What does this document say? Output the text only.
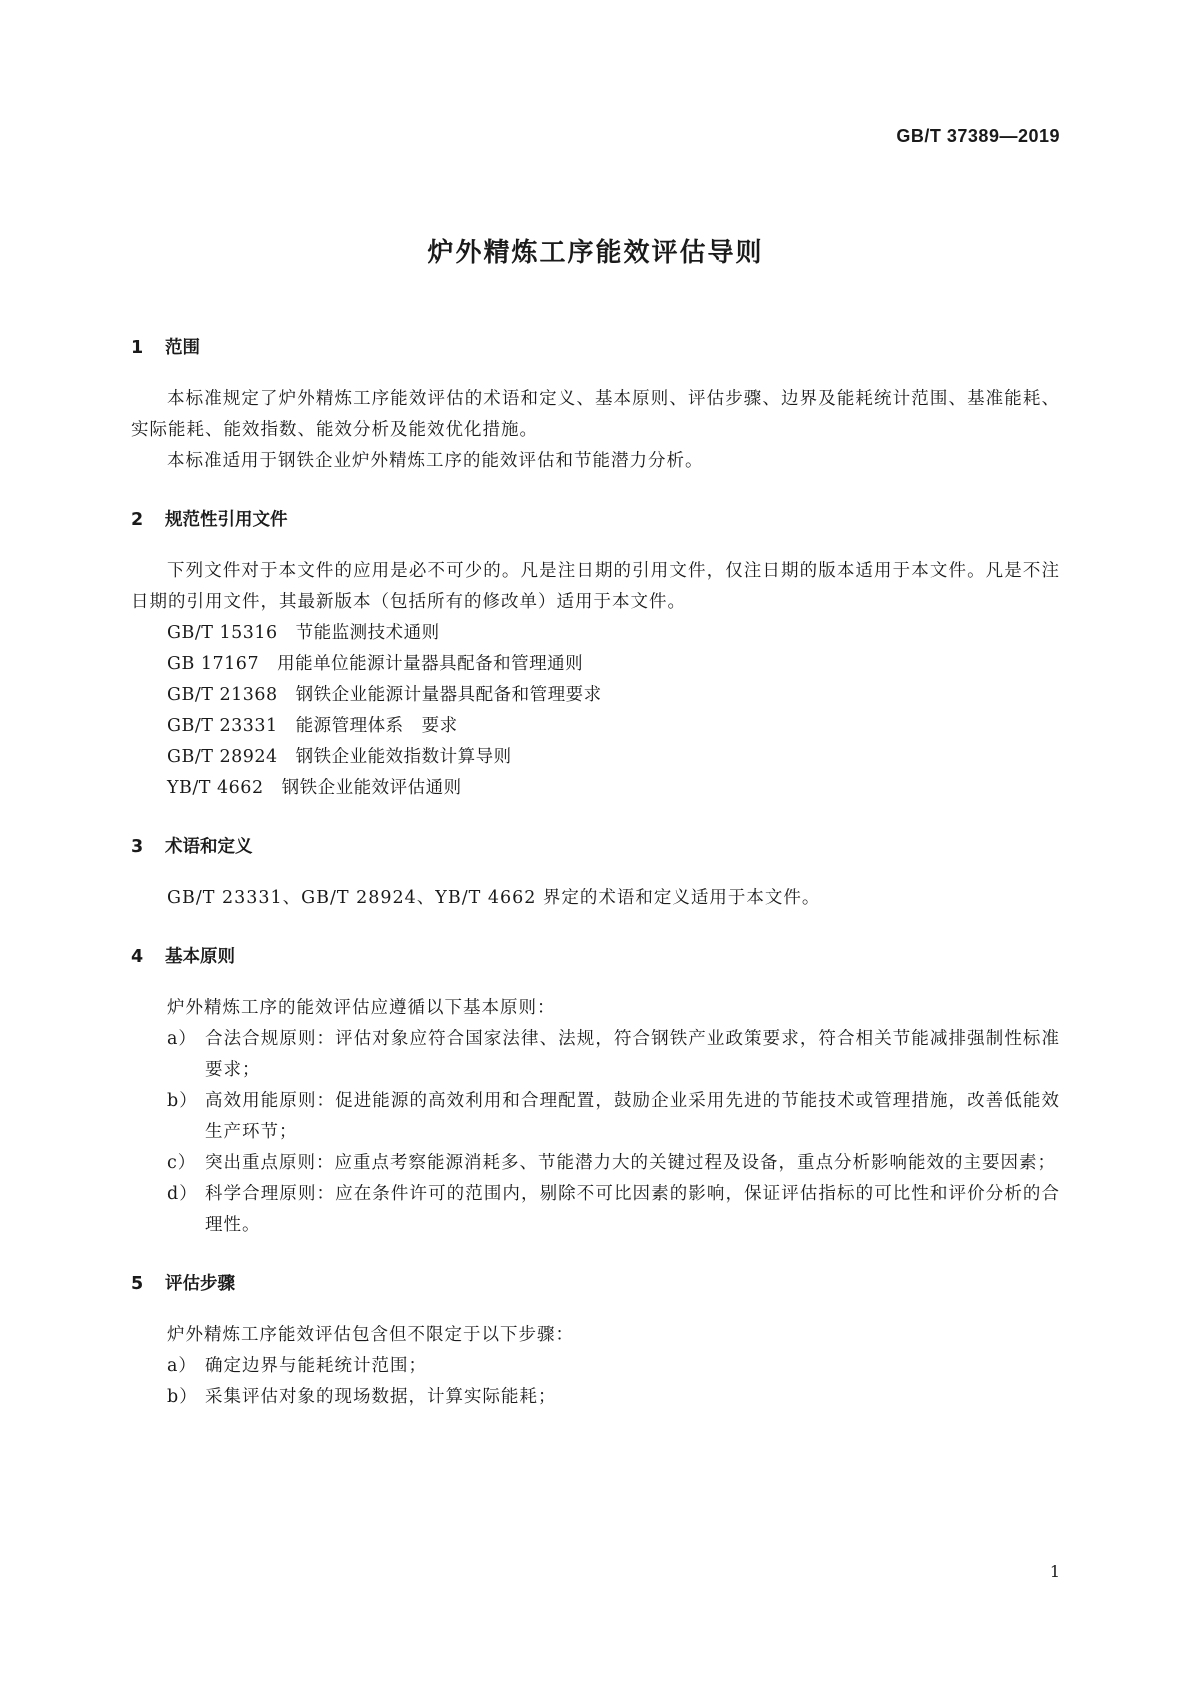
GB/T 37389—2019
炉外精炼工序能效评估导则
1 范围

本标准规定了炉外精炼工序能效评估的术语和定义、基本原则、评估步骤、边界及能耗统计范围、基准能耗、实际能耗、能效指数、能效分析及能效优化措施。

本标准适用于钢铁企业炉外精炼工序的能效评估和节能潜力分析。

2 规范性引用文件

下列文件对于本文件的应用是必不可少的。凡是注日期的引用文件，仅注日期的版本适用于本文件。凡是不注日期的引用文件，其最新版本（包括所有的修改单）适用于本文件。

GB/T 15316 节能监测技术通则

GB 17167 用能单位能源计量器具配备和管理通则

GB/T 21368 钢铁企业能源计量器具配备和管理要求

GB/T 23331 能源管理体系　要求

GB/T 28924 钢铁企业能效指数计算导则

YB/T 4662 钢铁企业能效评估通则

3 术语和定义

GB/T 23331、GB/T 28924、YB/T 4662 界定的术语和定义适用于本文件。

4 基本原则

炉外精炼工序的能效评估应遵循以下基本原则：

a） 合法合规原则：评估对象应符合国家法律、法规，符合钢铁产业政策要求，符合相关节能减排强制性标准要求；
b） 高效用能原则：促进能源的高效利用和合理配置，鼓励企业采用先进的节能技术或管理措施，改善低能效生产环节；
c） 突出重点原则：应重点考察能源消耗多、节能潜力大的关键过程及设备，重点分析影响能效的主要因素；
d） 科学合理原则：应在条件许可的范围内，剔除不可比因素的影响，保证评估指标的可比性和评价分析的合理性。
5 评估步骤

炉外精炼工序能效评估包含但不限定于以下步骤：

a） 确定边界与能耗统计范围；
b） 采集评估对象的现场数据，计算实际能耗；
1
